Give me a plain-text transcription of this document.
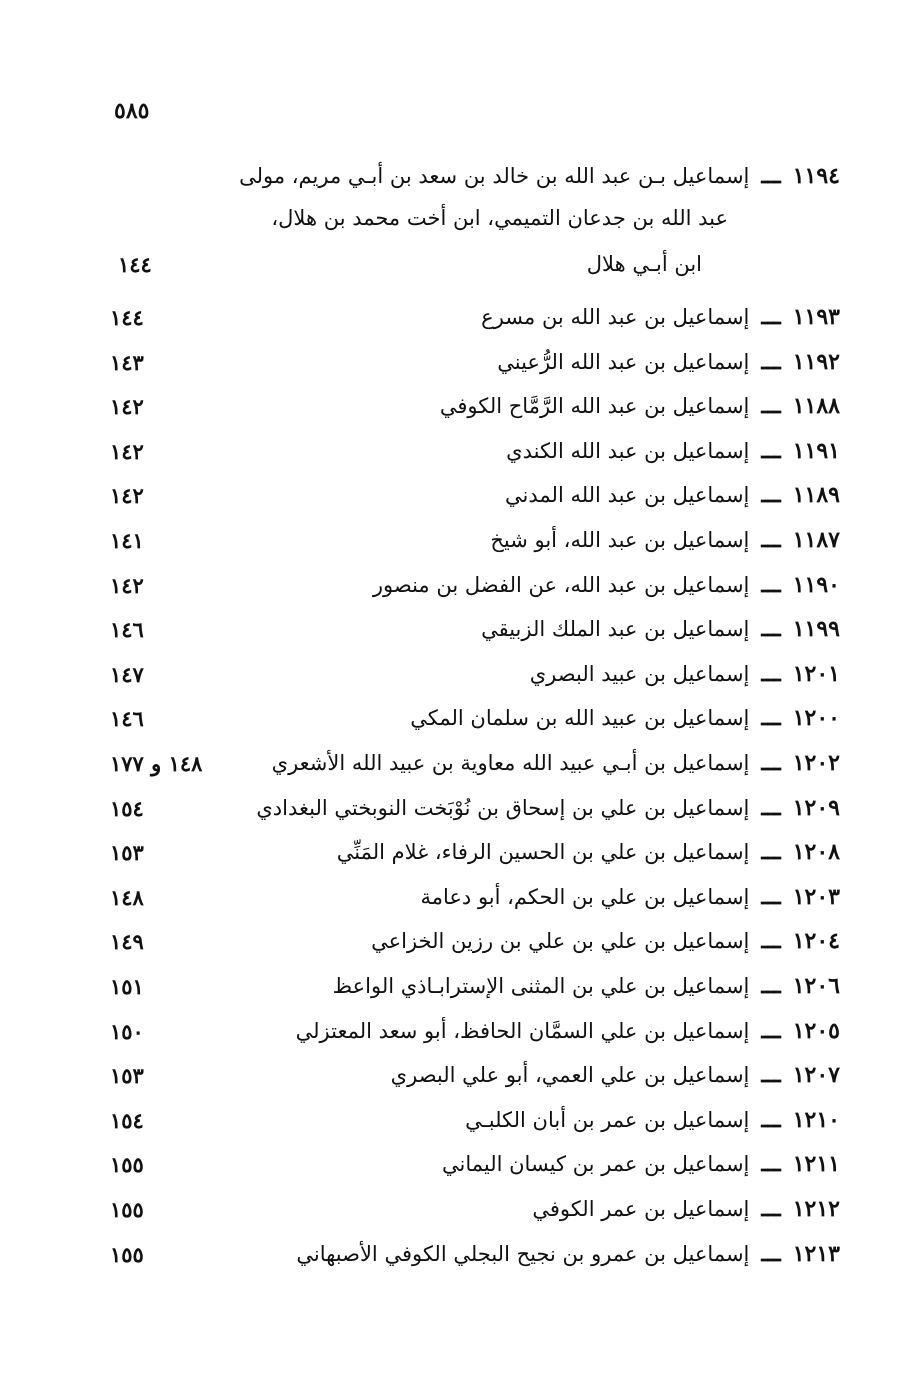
٥٨٥
١١٩٤
ـــ
إسماعيل بـن عبد الله بن خالد بن سعد بن أبـي مريم، مولى
عبد الله بن جدعان التميمي، ابن أخت محمد بن هلال،
ابن أبـي هلال
١٤٤
١١٩٣
ـــ
إسماعيل بن عبد الله بن مسرع
١٤٤
١١٩٢
ـــ
إسماعيل بن عبد الله الرُّعيني
١٤٣
١١٨٨
ـــ
إسماعيل بن عبد الله الرَّمَّاح الكوفي
١٤٢
١١٩١
ـــ
إسماعيل بن عبد الله الكندي
١٤٢
١١٨٩
ـــ
إسماعيل بن عبد الله المدني
١٤٢
١١٨٧
ـــ
إسماعيل بن عبد الله، أبو شيخ
١٤١
١١٩٠
ـــ
إسماعيل بن عبد الله، عن الفضل بن منصور
١٤٢
١١٩٩
ـــ
إسماعيل بن عبد الملك الزبيقي
١٤٦
١٢٠١
ـــ
إسماعيل بن عبيد البصري
١٤٧
١٢٠٠
ـــ
إسماعيل بن عبيد الله بن سلمان المكي
١٤٦
١٢٠٢
ـــ
إسماعيل بن أبـي عبيد الله معاوية بن عبيد الله الأشعري
١٤٨ و ١٧٧
١٢٠٩
ـــ
إسماعيل بن علي بن إسحاق بن نُوْبَخت النوبختي البغدادي
١٥٤
١٢٠٨
ـــ
إسماعيل بن علي بن الحسين الرفاء، غلام المَنِّي
١٥٣
١٢٠٣
ـــ
إسماعيل بن علي بن الحكم، أبو دعامة
١٤٨
١٢٠٤
ـــ
إسماعيل بن علي بن علي بن رزين الخزاعي
١٤٩
١٢٠٦
ـــ
إسماعيل بن علي بن المثنى الإسترابـاذي الواعظ
١٥١
١٢٠٥
ـــ
إسماعيل بن علي السمَّان الحافظ، أبو سعد المعتزلي
١٥٠
١٢٠٧
ـــ
إسماعيل بن علي العمي، أبو علي البصري
١٥٣
١٢١٠
ـــ
إسماعيل بن عمر بن أبان الكلبـي
١٥٤
١٢١١
ـــ
إسماعيل بن عمر بن كيسان اليماني
١٥٥
١٢١٢
ـــ
إسماعيل بن عمر الكوفي
١٥٥
١٢١٣
ـــ
إسماعيل بن عمرو بن نجيح البجلي الكوفي الأصبهاني
١٥٥
